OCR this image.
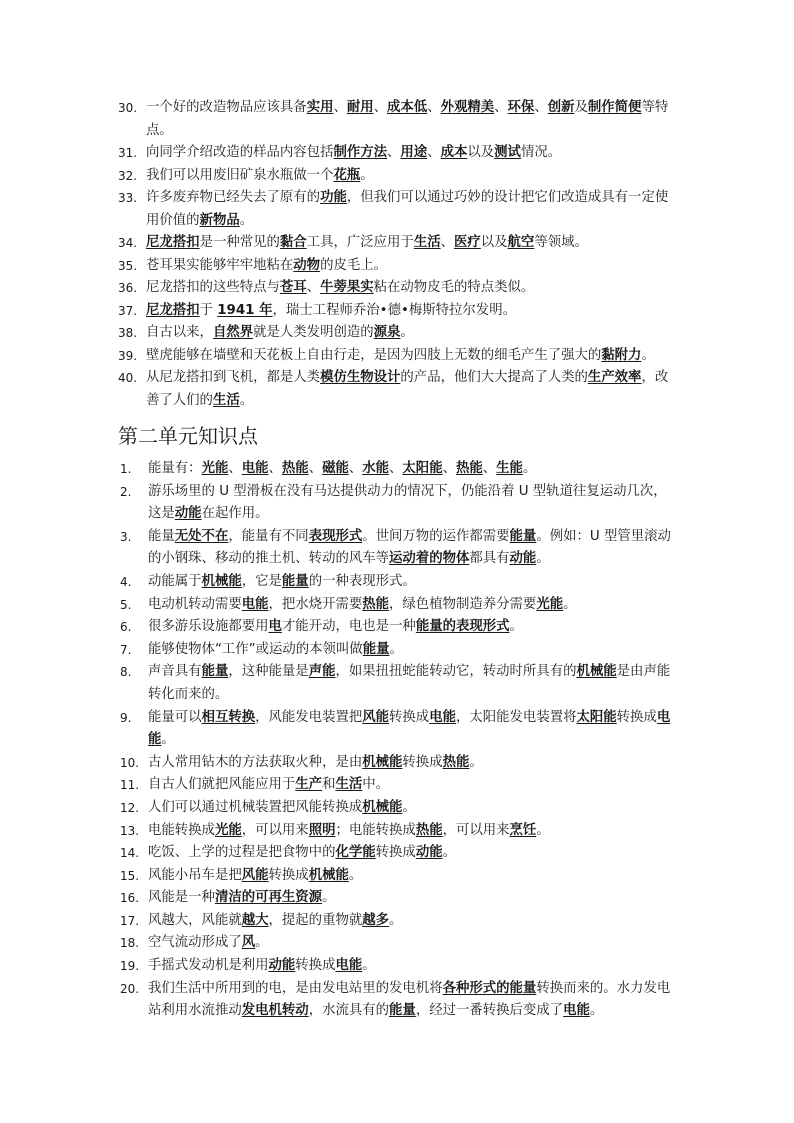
30. 一个好的改造物品应该具备实用、耐用、成本低、外观精美、环保、创新及制作简便等特点。
31. 向同学介绍改造的样品内容包括制作方法、用途、成本以及测试情况。
32. 我们可以用废旧矿泉水瓶做一个花瓶。
33. 许多废弃物已经失去了原有的功能，但我们可以通过巧妙的设计把它们改造成具有一定使用价值的新物品。
34. 尼龙搭扣是一种常见的黏合工具，广泛应用于生活、医疗以及航空等领域。
35. 苍耳果实能够牢牢地粘在动物的皮毛上。
36. 尼龙搭扣的这些特点与苍耳、牛蒡果实粘在动物皮毛的特点类似。
37. 尼龙搭扣于 1941 年，瑞士工程师乔治•德•梅斯特拉尔发明。
38. 自古以来，自然界就是人类发明创造的源泉。
39. 壁虎能够在墙壁和天花板上自由行走，是因为四肢上无数的细毛产生了强大的黏附力。
40. 从尼龙搭扣到飞机，都是人类模仿生物设计的产品，他们大大提高了人类的生产效率，改善了人们的生活。
第二单元知识点
1.	能量有：光能、电能、热能、磁能、水能、太阳能、热能、生能。
2.	游乐场里的 U 型滑板在没有马达提供动力的情况下，仍能沿着 U 型轨道往复运动几次，这是动能在起作用。
3.	能量无处不在，能量有不同表现形式。世间万物的运作都需要能量。例如：U 型管里滚动的小钢珠、移动的推土机、转动的风车等运动着的物体都具有动能。
4.	动能属于机械能，它是能量的一种表现形式。
5.	电动机转动需要电能，把水烧开需要热能，绿色植物制造养分需要光能。
6.	很多游乐设施都要用电才能开动，电也是一种能量的表现形式。
7.	能够使物体“工作”或运动的本领叫做能量。
8.	声音具有能量，这种能量是声能，如果扭扭蛇能转动它，转动时所具有的机械能是由声能转化而来的。
9.	能量可以相互转换，风能发电装置把风能转换成电能，太阳能发电装置将太阳能转换成电能。
10. 古人常用钻木的方法获取火种，是由机械能转换成热能。
11. 自古人们就把风能应用于生产和生活中。
12. 人们可以通过机械装置把风能转换成机械能。
13. 电能转换成光能，可以用来照明；电能转换成热能，可以用来烹饪。
14. 吃饭、上学的过程是把食物中的化学能转换成动能。
15. 风能小吊车是把风能转换成机械能。
16. 风能是一种清洁的可再生资源。
17. 风越大，风能就越大，提起的重物就越多。
18. 空气流动形成了风。
19. 手摇式发动机是利用动能转换成电能。
20. 我们生活中所用到的电，是由发电站里的发电机将各种形式的能量转换而来的。水力发电站利用水流推动发电机转动，水流具有的能量，经过一番转换后变成了电能。
